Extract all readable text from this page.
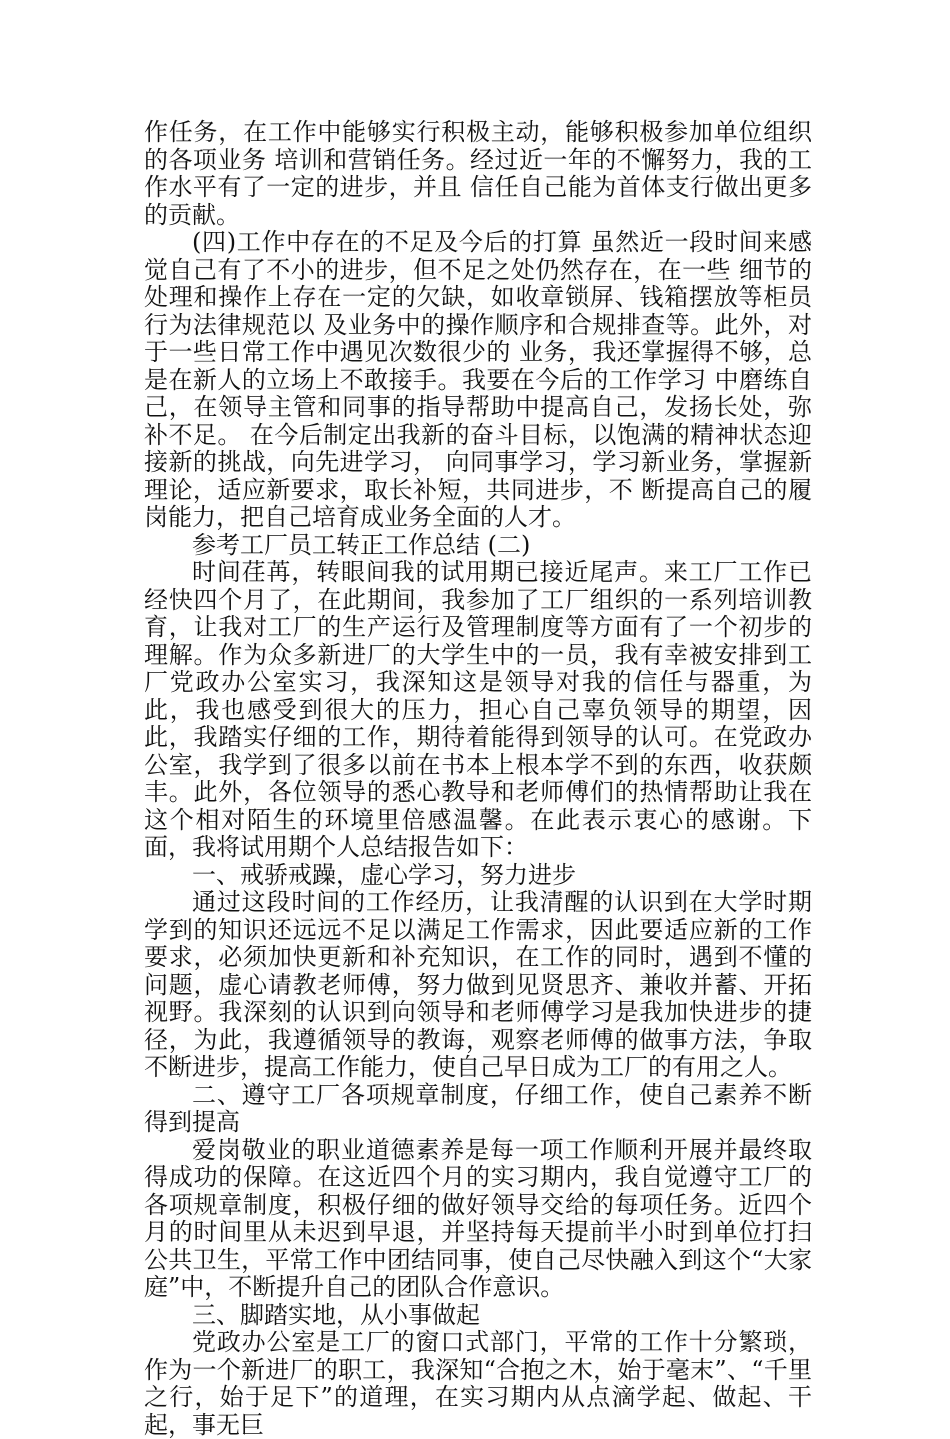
作任务，在工作中能够实行积极主动，能够积极参加单位组织的各项业务 培训和营销任务。经过近一年的不懈努力，我的工作水平有了一定的进步，并且 信任自己能为首体支行做出更多的贡献。

(四)工作中存在的不足及今后的打算 虽然近一段时间来感觉自己有了不小的进步，但不足之处仍然存在，在一些 细节的处理和操作上存在一定的欠缺，如收章锁屏、钱箱摆放等柜员行为法律规范以 及业务中的操作顺序和合规排查等。此外，对于一些日常工作中遇见次数很少的 业务，我还掌握得不够，总是在新人的立场上不敢接手。我要在今后的工作学习 中磨练自己，在领导主管和同事的指导帮助中提高自己，发扬长处，弥补不足。 在今后制定出我新的奋斗目标，以饱满的精神状态迎接新的挑战，向先进学习， 向同事学习，学习新业务，掌握新理论，适应新要求，取长补短，共同进步，不 断提高自己的履岗能力，把自己培育成业务全面的人才。

参考工厂员工转正工作总结 (二)

时间荏苒，转眼间我的试用期已接近尾声。来工厂工作已经快四个月了，在此期间，我参加了工厂组织的一系列培训教育，让我对工厂的生产运行及管理制度等方面有了一个初步的理解。作为众多新进厂的大学生中的一员，我有幸被安排到工厂党政办公室实习，我深知这是领导对我的信任与器重，为此，我也感受到很大的压力，担心自己辜负领导的期望，因此，我踏实仔细的工作，期待着能得到领导的认可。在党政办公室，我学到了很多以前在书本上根本学不到的东西，收获颇丰。此外，各位领导的悉心教导和老师傅们的热情帮助让我在这个相对陌生的环境里倍感温馨。在此表示衷心的感谢。下面，我将试用期个人总结报告如下：

一、戒骄戒躁，虚心学习，努力进步

通过这段时间的工作经历，让我清醒的认识到在大学时期学到的知识还远远不足以满足工作需求，因此要适应新的工作要求，必须加快更新和补充知识，在工作的同时，遇到不懂的问题，虚心请教老师傅，努力做到见贤思齐、兼收并蓄、开拓视野。我深刻的认识到向领导和老师傅学习是我加快进步的捷径，为此，我遵循领导的教诲，观察老师傅的做事方法，争取不断进步，提高工作能力，使自己早日成为工厂的有用之人。

二、遵守工厂各项规章制度，仔细工作，使自己素养不断得到提高

爱岗敬业的职业道德素养是每一项工作顺利开展并最终取得成功的保障。在这近四个月的实习期内，我自觉遵守工厂的各项规章制度，积极仔细的做好领导交给的每项任务。近四个月的时间里从未迟到早退，并坚持每天提前半小时到单位打扫公共卫生，平常工作中团结同事，使自己尽快融入到这个“大家庭”中，不断提升自己的团队合作意识。

三、脚踏实地，从小事做起

党政办公室是工厂的窗口式部门，平常的工作十分繁琐，作为一个新进厂的职工，我深知“合抱之木，始于毫末”、“千里之行，始于足下”的道理，在实习期内从点滴学起、做起、干起，事无巨
